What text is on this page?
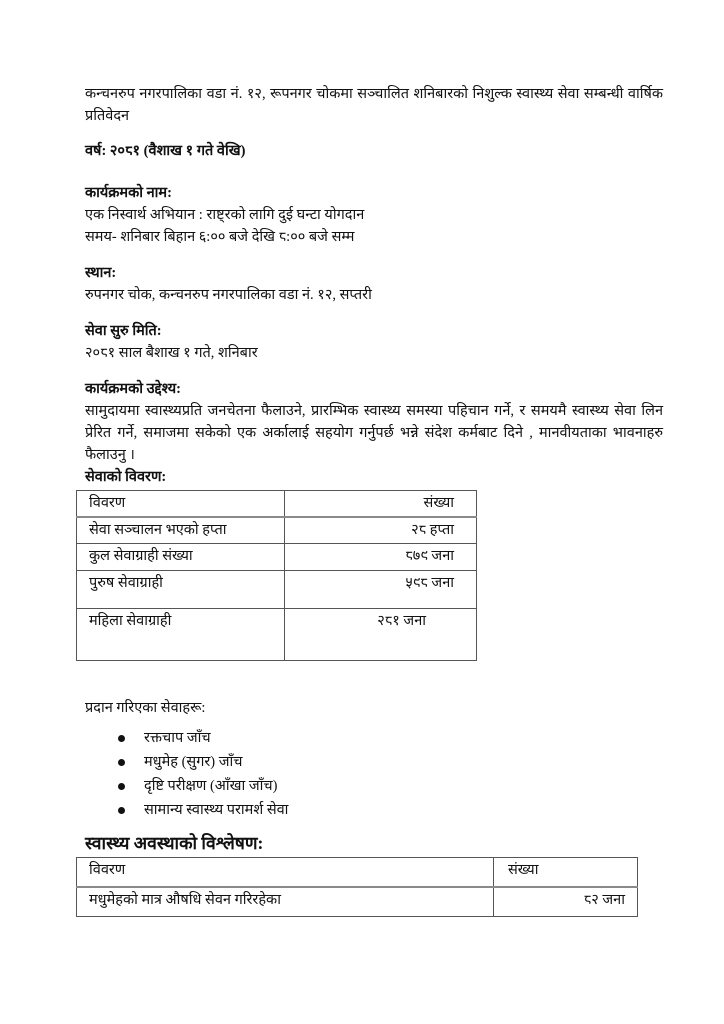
कन्चनरुप नगरपालिका वडा नं. १२, रूपनगर चोकमा सञ्चालित शनिबारको निशुल्क स्वास्थ्य सेवा सम्बन्धी वार्षिक प्रतिवेदन

वर्ष: २०८१ (वैशाख १ गते वेखि)

कार्यक्रमको नाम:

एक निस्वार्थ अभियान : राष्ट्रको लागि दुई घन्टा योगदान

समय- शनिबार बिहान ६:०० बजे देखि ८:०० बजे सम्म

स्थान:

रुपनगर चोक, कन्चनरुप नगरपालिका वडा नं. १२, सप्तरी

सेवा सुरु मिति:

२०८१ साल बैशाख १ गते, शनिबार

कार्यक्रमको उद्देश्य:

सामुदायमा स्वास्थ्यप्रति जनचेतना फैलाउने, प्रारम्भिक स्वास्थ्य समस्या पहिचान गर्ने, र समयमै स्वास्थ्य सेवा लिन प्रेरित गर्ने, समाजमा सकेको एक अर्कालाई सहयोग गर्नुपर्छ भन्ने संदेश कर्मबाट दिने , मानवीयताका भावनाहरु फैलाउनु ।

सेवाको विवरण:

विवरण	संख्या
सेवा सञ्चालन भएको हप्ता	२८ हप्ता
कुल सेवाग्राही संख्या	८७९ जना
पुरुष सेवाग्राही	५९८ जना
महिला सेवाग्राही	२८१ जना

प्रदान गरिएका सेवाहरू:

रक्तचाप जाँच
मधुमेह (सुगर) जाँच
दृष्टि परीक्षण (आँखा जाँच)
सामान्य स्वास्थ्य परामर्श सेवा

स्वास्थ्य अवस्थाको विश्लेषण:

विवरण	संख्या
मधुमेहको मात्र औषधि सेवन गरिरहेका	८२ जना
